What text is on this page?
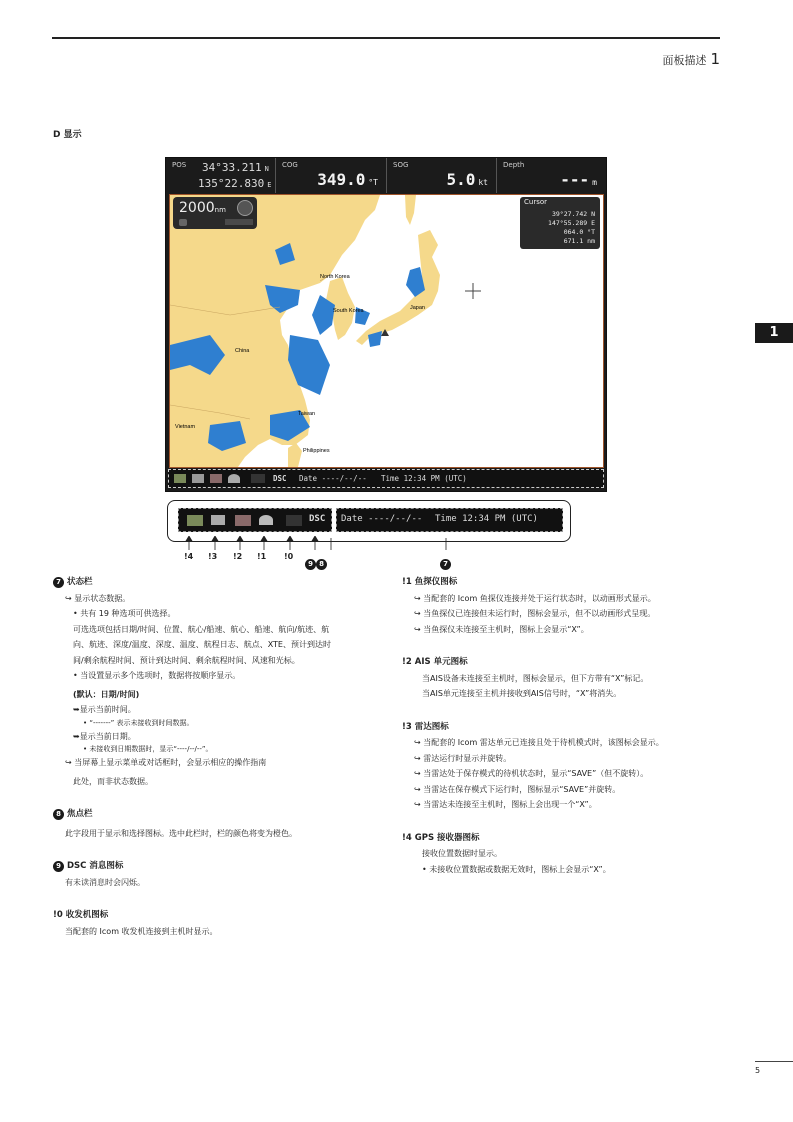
面板描述 1
1
D 显示
POS 34°33.211 N
135°22.830 E
COG
349.0 °T
SOG
5.0 kt
Depth
--- m
North Korea
South Korea	Japan
China
Taiwan
Vietnam
Philippines
2000nm
Cursor
39°27.742 N
147°55.289 E
064.0 °T
671.1 nm
DSC Date ----/--/-- Time 12:34 PM (UTC)
DSC Date ----/--/-- Time 12:34 PM (UTC)
!4 !3 !2 !1 !0
9 8	7
7 状态栏
↪ 显示状态数据。
• 共有 19 种选项可供选择。
可选选项包括日期/时间、位置、航心/船速、航心、船速、航向/航迹、航
向、航迹、深度/温度、深度、温度、航程日志、航点、XTE、预计到达时
间/剩余航程时间、预计到达时间、剩余航程时间、风速和光标。
• 当设置显示多个选项时，数据将按顺序显示。
(默认：日期/时间)
➥显示当前时间。
• “-------” 表示未接收到时间数据。
➥显示当前日期。
• 未接收到日期数据时，显示“----/--/--”。
↪ 当屏幕上显示菜单或对话框时，会显示相应的操作指南
此处，而非状态数据。
8 焦点栏
此字段用于显示和选择图标。选中此栏时，栏的颜色将变为橙色。
9 DSC 消息图标
有未读消息时会闪烁。
!0 收发机图标
当配套的 Icom 收发机连接到主机时显示。
!1 鱼探仪图标
↪ 当配套的 Icom 鱼探仪连接并处于运行状态时，以动画形式显示。
↪ 当鱼探仪已连接但未运行时，图标会显示，但不以动画形式呈现。
↪ 当鱼探仪未连接至主机时，图标上会显示“X”。
!2 AIS 单元图标
当AIS设备未连接至主机时，图标会显示，但下方带有“X”标记。
当AIS单元连接至主机并接收到AIS信号时，“X”将消失。
!3 雷达图标
↪ 当配套的 Icom 雷达单元已连接且处于待机模式时，该图标会显示。
↪ 雷达运行时显示并旋转。
↪ 当雷达处于保存模式的待机状态时，显示“SAVE”（但不旋转）。
↪ 当雷达在保存模式下运行时，图标显示“SAVE”并旋转。
↪ 当雷达未连接至主机时，图标上会出现一个“X”。
!4 GPS 接收器图标
接收位置数据时显示。
• 未接收位置数据或数据无效时，图标上会显示“X”。
5
